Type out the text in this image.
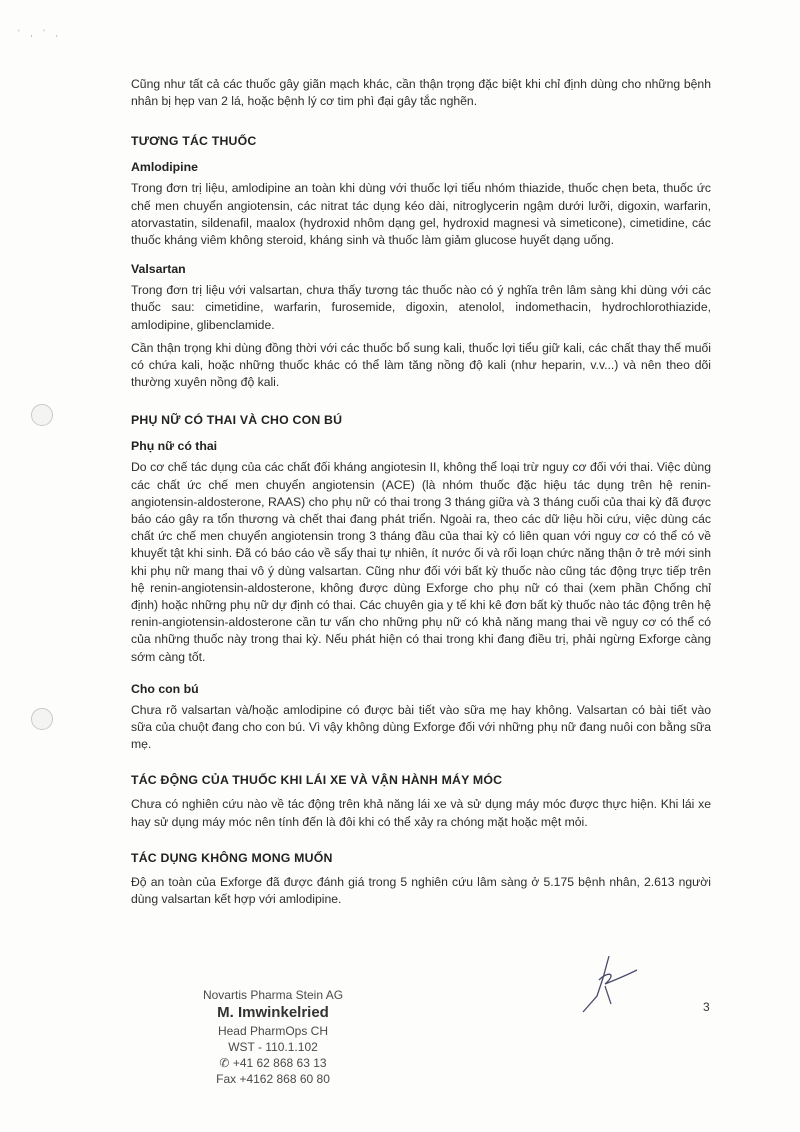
' , ' ,

Cũng như tất cả các thuốc gây giãn mạch khác, cần thận trọng đặc biệt khi chỉ định dùng cho những bệnh nhân bị hẹp van 2 lá, hoặc bệnh lý cơ tim phì đại gây tắc nghẽn.

TƯƠNG TÁC THUỐC
Amlodipine

Trong đơn trị liệu, amlodipine an toàn khi dùng với thuốc lợi tiểu nhóm thiazide, thuốc chẹn beta, thuốc ức chế men chuyển angiotensin, các nitrat tác dụng kéo dài, nitroglycerin ngậm dưới lưỡi, digoxin, warfarin, atorvastatin, sildenafil, maalox (hydroxid nhôm dạng gel, hydroxid magnesi và simeticone), cimetidine, các thuốc kháng viêm không steroid, kháng sinh và thuốc làm giảm glucose huyết dạng uống.

Valsartan

Trong đơn trị liệu với valsartan, chưa thấy tương tác thuốc nào có ý nghĩa trên lâm sàng khi dùng với các thuốc sau: cimetidine, warfarin, furosemide, digoxin, atenolol, indomethacin, hydrochlorothiazide, amlodipine, glibenclamide.

Cần thận trọng khi dùng đồng thời với các thuốc bổ sung kali, thuốc lợi tiểu giữ kali, các chất thay thế muối có chứa kali, hoặc những thuốc khác có thể làm tăng nồng độ kali (như heparin, v.v...) và nên theo dõi thường xuyên nồng độ kali.

PHỤ NỮ CÓ THAI VÀ CHO CON BÚ
Phụ nữ có thai

Do cơ chế tác dụng của các chất đối kháng angiotesin II, không thể loại trừ nguy cơ đối với thai. Việc dùng các chất ức chế men chuyển angiotensin (ACE) (là nhóm thuốc đặc hiệu tác dụng trên hệ renin-angiotensin-aldosterone, RAAS) cho phụ nữ có thai trong 3 tháng giữa và 3 tháng cuối của thai kỳ đã được báo cáo gây ra tổn thương và chết thai đang phát triển. Ngoài ra, theo các dữ liệu hồi cứu, việc dùng các chất ức chế men chuyển angiotensin trong 3 tháng đầu của thai kỳ có liên quan với nguy cơ có thể có về khuyết tật khi sinh. Đã có báo cáo về sẩy thai tự nhiên, ít nước ối và rối loạn chức năng thận ở trẻ mới sinh khi phụ nữ mang thai vô ý dùng valsartan. Cũng như đối với bất kỳ thuốc nào cũng tác động trực tiếp trên hệ renin-angiotensin-aldosterone, không được dùng Exforge cho phụ nữ có thai (xem phần Chống chỉ định) hoặc những phụ nữ dự định có thai. Các chuyên gia y tế khi kê đơn bất kỳ thuốc nào tác động trên hệ renin-angiotensin-aldosterone cần tư vấn cho những phụ nữ có khả năng mang thai về nguy cơ có thể có của những thuốc này trong thai kỳ. Nếu phát hiện có thai trong khi đang điều trị, phải ngừng Exforge càng sớm càng tốt.

Cho con bú

Chưa rõ valsartan và/hoặc amlodipine có được bài tiết vào sữa mẹ hay không. Valsartan có bài tiết vào sữa của chuột đang cho con bú. Vì vậy không dùng Exforge đối với những phụ nữ đang nuôi con bằng sữa mẹ.

TÁC ĐỘNG CỦA THUỐC KHI LÁI XE VÀ VẬN HÀNH MÁY MÓC

Chưa có nghiên cứu nào về tác động trên khả năng lái xe và sử dụng máy móc được thực hiện. Khi lái xe hay sử dụng máy móc nên tính đến là đôi khi có thể xảy ra chóng mặt hoặc mệt mỏi.

TÁC DỤNG KHÔNG MONG MUỐN

Độ an toàn của Exforge đã được đánh giá trong 5 nghiên cứu lâm sàng ở 5.175 bệnh nhân, 2.613 người dùng valsartan kết hợp với amlodipine.

Novartis Pharma Stein AG
M. Imwinkelried
Head PharmOps CH
WST - 110.1.102
✆ +41 62 868 63 13
Fax +4162 868 60 80
3
